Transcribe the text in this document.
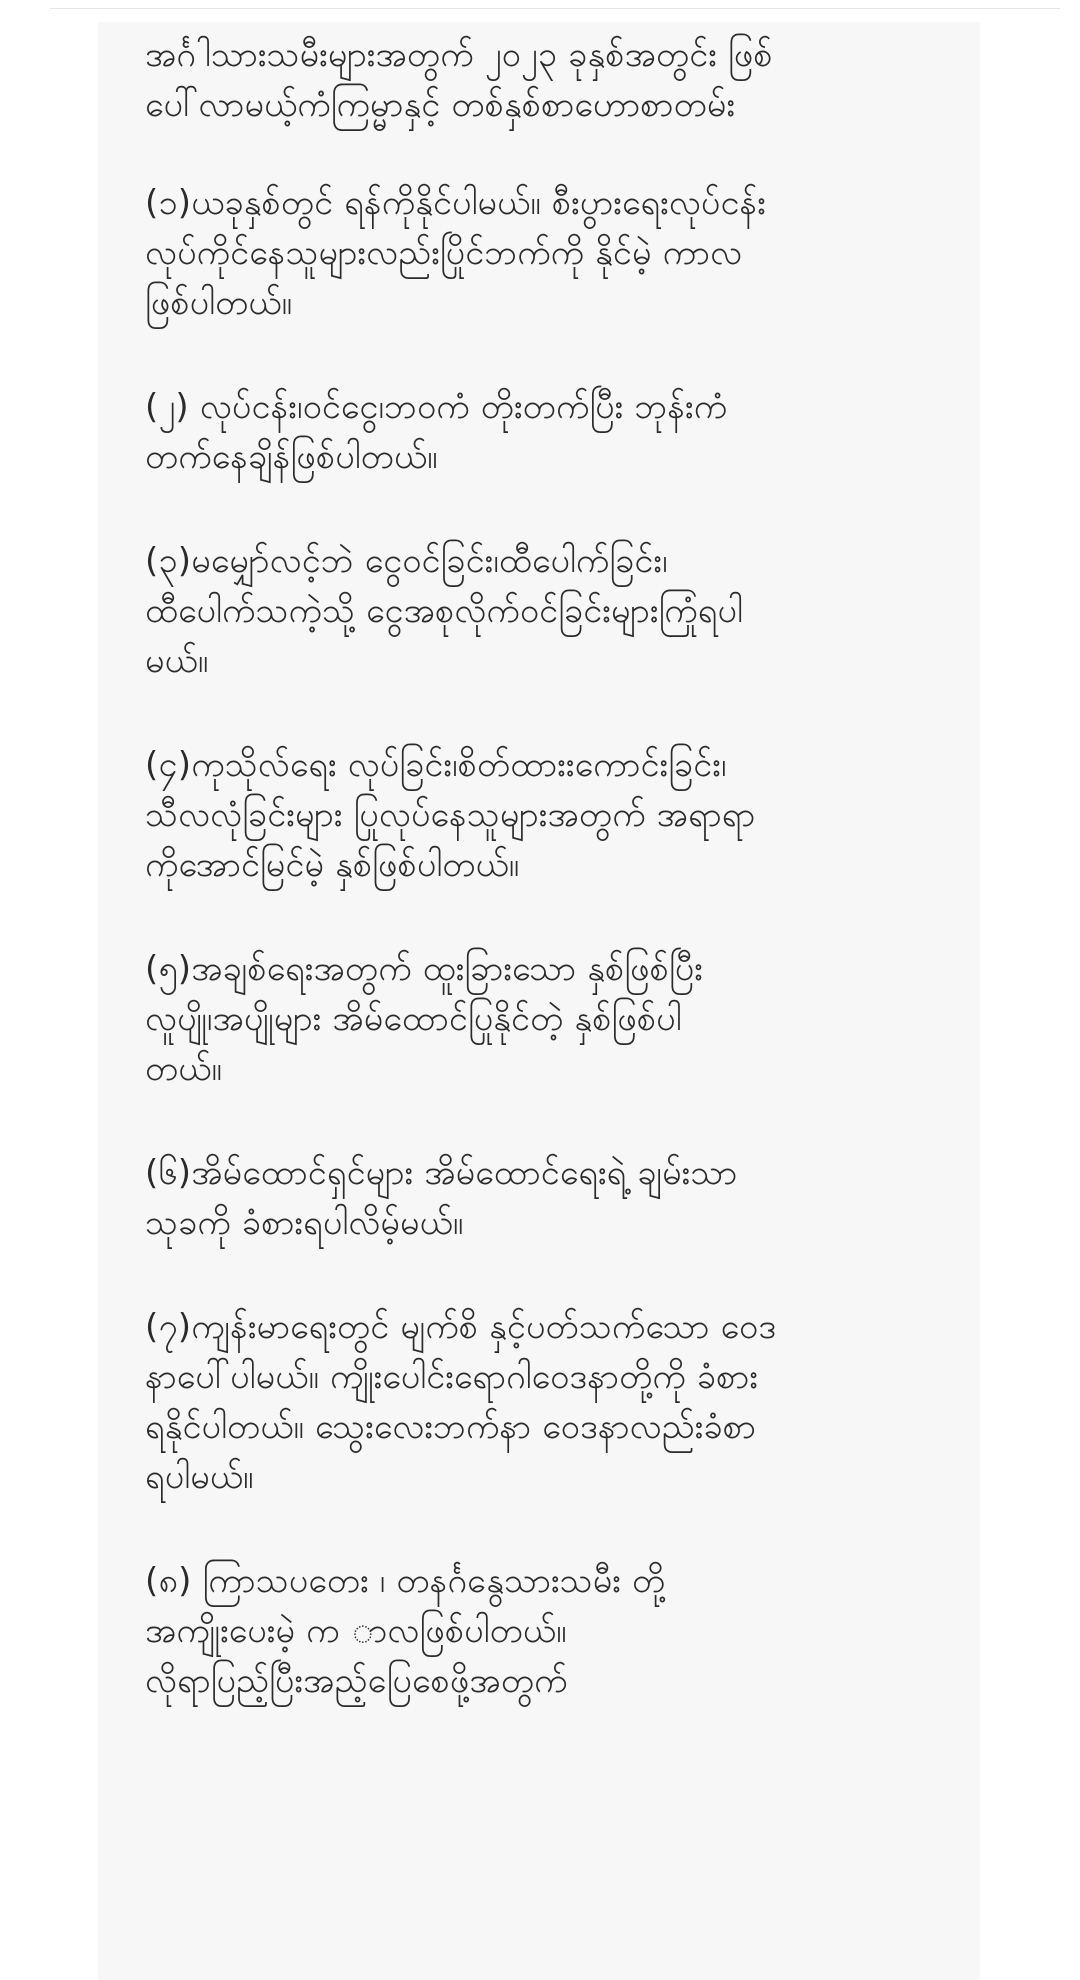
အင်္ဂါသားသမီးများအတွက် ၂၀၂၃ ခုနှစ်အတွင်း ဖြစ်
ပေါ်လာမယ့်ကံကြမ္မာနှင့် တစ်နှစ်စာဟောစာတမ်း

(၁)ယခုနှစ်တွင် ရန်ကိုနိုင်ပါမယ်။ စီးပွားရေးလုပ်ငန်း
လုပ်ကိုင်နေသူများလည်းပြိုင်ဘက်ကို နိုင်မဲ့ ကာလ
ဖြစ်ပါတယ်။

(၂) လုပ်ငန်း၊ဝင်ငွေ၊ဘဝကံ တိုးတက်ပြီး ဘုန်းကံ
တက်နေချိန်ဖြစ်ပါတယ်။

(၃)မမျှော်လင့်ဘဲ ငွေဝင်ခြင်း၊ထီပေါက်ခြင်း၊
ထီပေါက်သကဲ့သို့ ငွေအစုလိုက်ဝင်ခြင်းများကြုံရပါ
မယ်။

(၄)ကုသိုလ်ရေး လုပ်ခြင်း၊စိတ်ထားးကောင်းခြင်း၊
သီလလုံခြင်းများ ပြုလုပ်နေသူများအတွက် အရာရာ
ကိုအောင်မြင်မဲ့ နှစ်ဖြစ်ပါတယ်။

(၅)အချစ်ရေးအတွက် ထူးခြားသော နှစ်ဖြစ်ပြီး
လူပျို၊အပျိုများ အိမ်ထောင်ပြုနိုင်တဲ့ နှစ်ဖြစ်ပါ
တယ်။

(၆)အိမ်ထောင်ရှင်များ အိမ်ထောင်ရေးရဲ့ ချမ်းသာ
သုခကို ခံစားရပါလိမ့်မယ်။

(၇)ကျန်းမာရေးတွင် မျက်စိ နှင့်ပတ်သက်သော ဝေဒ
နာပေါ်ပါမယ်။ ကျိုးပေါင်းရောဂါဝေဒနာတို့ကို ခံစား
ရနိုင်ပါတယ်။ သွေးလေးဘက်နာ ဝေဒနာလည်းခံစာ
ရပါမယ်။

(၈) ကြာသပတေး ၊ တနင်္ဂနွေသားသမီး တို့
အကျိုးပေးမဲ့ က ာလဖြစ်ပါတယ်။
လိုရာပြည့်ပြီးအည့်ပြေစေဖို့အတွက်
